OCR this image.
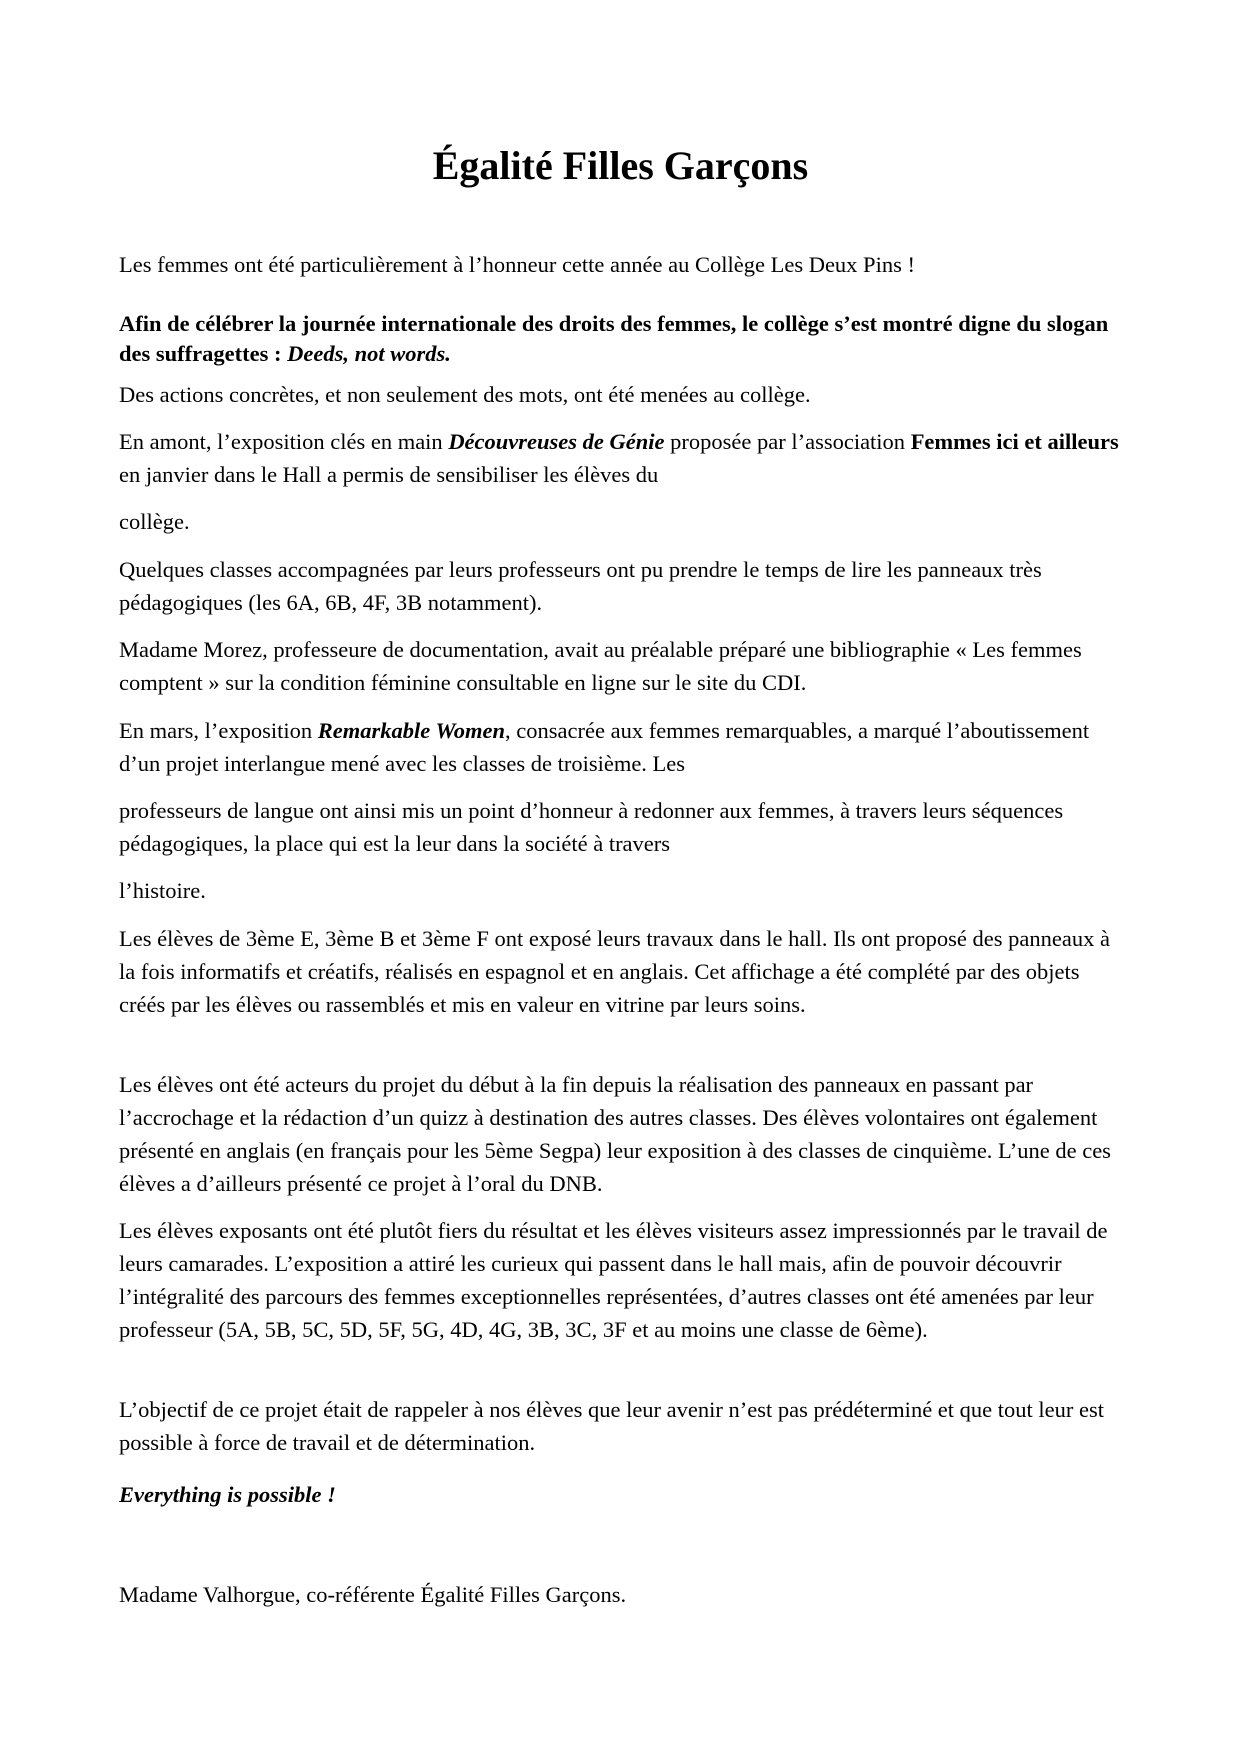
Égalité Filles Garçons

Les femmes ont été particulièrement à l’honneur cette année au Collège Les Deux Pins !

Afin de célébrer la journée internationale des droits des femmes, le collège s’est montré digne du slogan des suffragettes : Deeds, not words.

Des actions concrètes, et non seulement des mots, ont été menées au collège.

En amont, l’exposition clés en main Découvreuses de Génie proposée par l’association Femmes ici et ailleurs en janvier dans le Hall a permis de sensibiliser les élèves du

collège.

Quelques classes accompagnées par leurs professeurs ont pu prendre le temps de lire les panneaux très pédagogiques (les 6A, 6B, 4F, 3B notamment).

Madame Morez, professeure de documentation, avait au préalable préparé une bibliographie « Les femmes comptent » sur la condition féminine consultable en ligne sur le site du CDI.

En mars, l’exposition Remarkable Women, consacrée aux femmes remarquables, a marqué l’aboutissement d’un projet interlangue mené avec les classes de troisième. Les

professeurs de langue ont ainsi mis un point d’honneur à redonner aux femmes, à travers leurs séquences pédagogiques, la place qui est la leur dans la société à travers

l’histoire.

Les élèves de 3ème E, 3ème B et 3ème F ont exposé leurs travaux dans le hall. Ils ont proposé des panneaux à la fois informatifs et créatifs, réalisés en espagnol et en anglais. Cet affichage a été complété par des objets créés par les élèves ou rassemblés et mis en valeur en vitrine par leurs soins.

Les élèves ont été acteurs du projet du début à la fin depuis la réalisation des panneaux en passant par l’accrochage et la rédaction d’un quizz à destination des autres classes. Des élèves volontaires ont également présenté en anglais (en français pour les 5ème Segpa) leur exposition à des classes de cinquième. L’une de ces élèves a d’ailleurs présenté ce projet à l’oral du DNB.

Les élèves exposants ont été plutôt fiers du résultat et les élèves visiteurs assez impressionnés par le travail de leurs camarades. L’exposition a attiré les curieux qui passent dans le hall mais, afin de pouvoir découvrir l’intégralité des parcours des femmes exceptionnelles représentées, d’autres classes ont été amenées par leur professeur (5A, 5B, 5C, 5D, 5F, 5G, 4D, 4G, 3B, 3C, 3F et au moins une classe de 6ème).

L’objectif de ce projet était de rappeler à nos élèves que leur avenir n’est pas prédéterminé et que tout leur est possible à force de travail et de détermination.

Everything is possible !

Madame Valhorgue, co-référente Égalité Filles Garçons.
